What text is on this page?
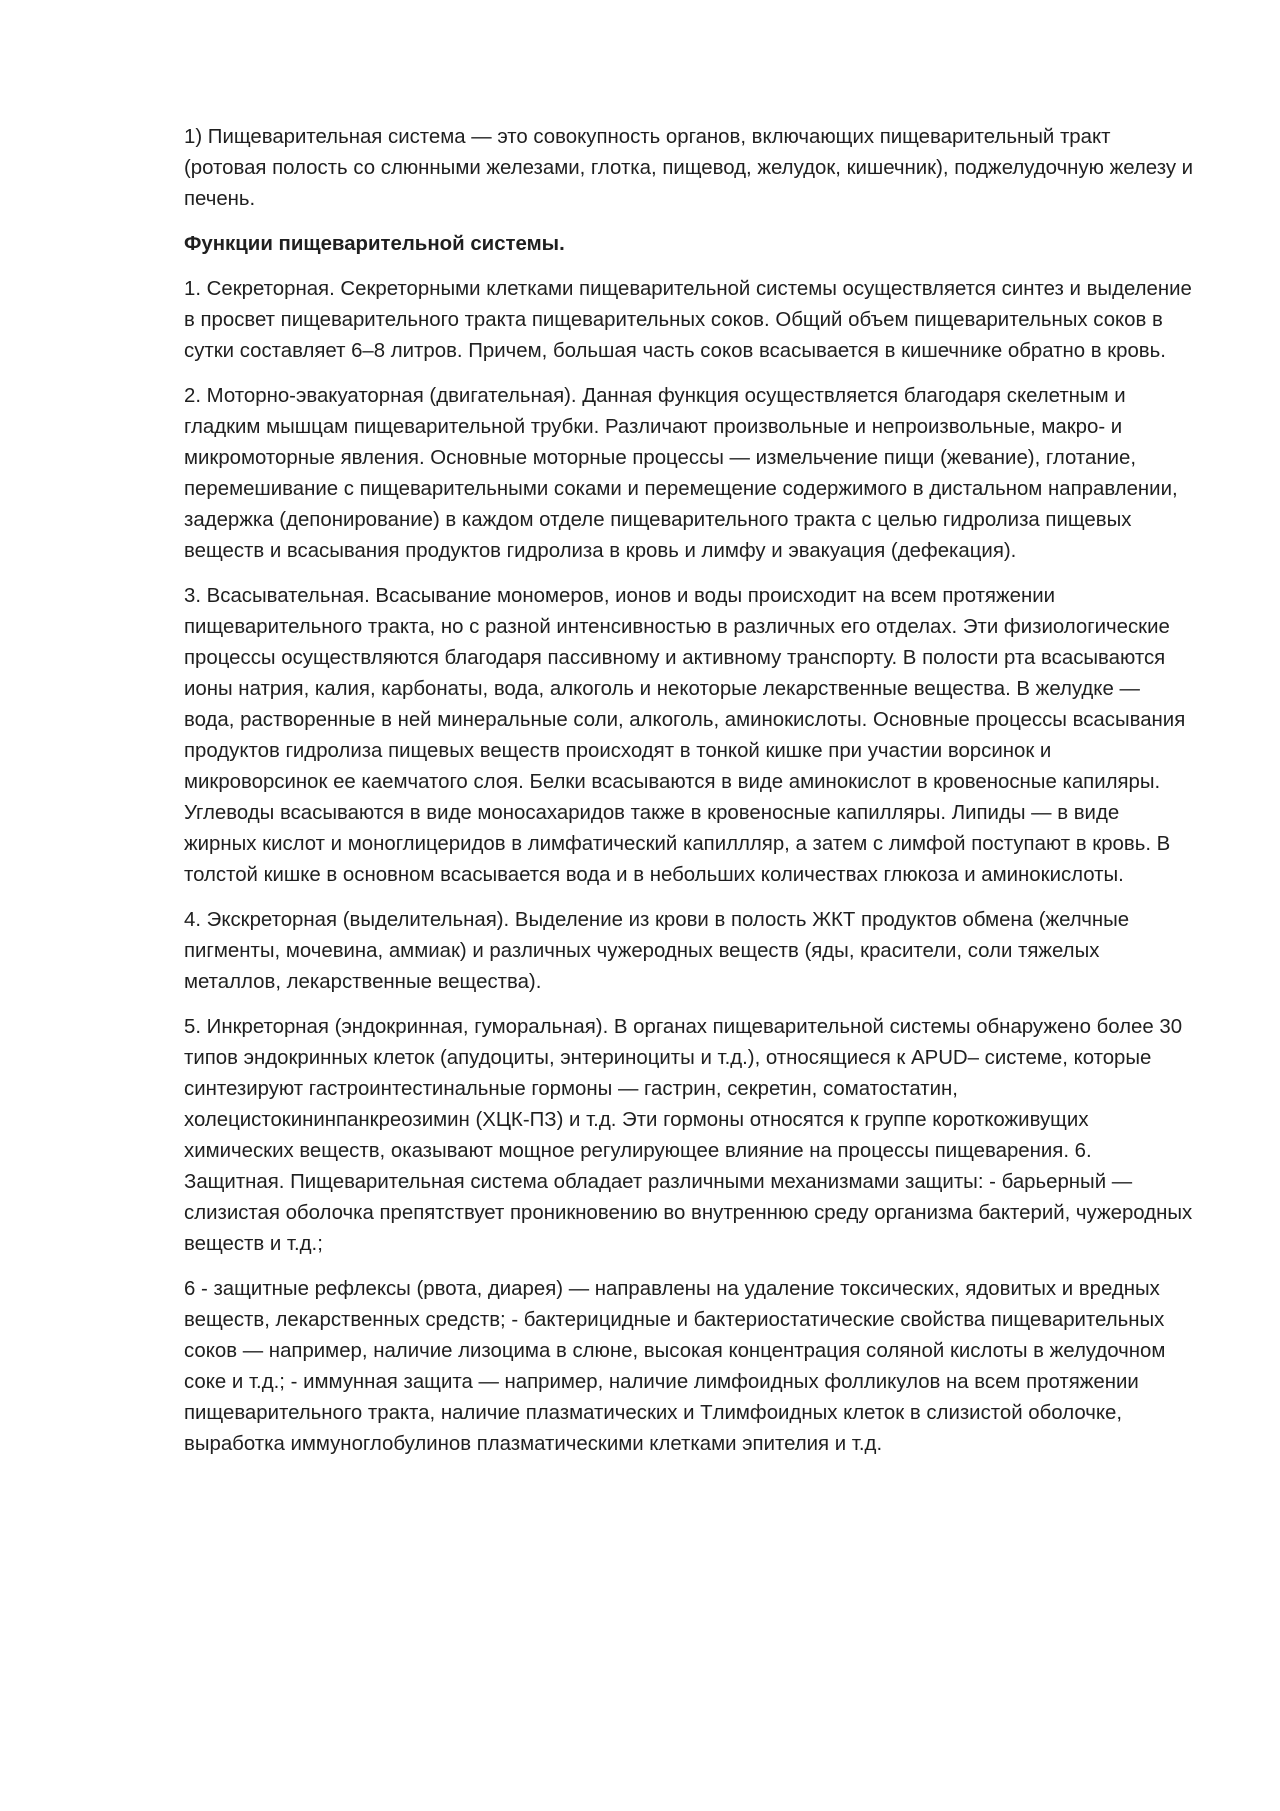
1) Пищеварительная система — это совокупность органов, включающих пищеварительный тракт (ротовая полость со слюнными железами, глотка, пищевод, желудок, кишечник), поджелудочную железу и печень.

Функции пищеварительной системы.

1. Секреторная. Секреторными клетками пищеварительной системы осуществляется синтез и выделение в просвет пищеварительного тракта пищеварительных соков. Общий объем пищеварительных соков в сутки составляет 6–8 литров. Причем, большая часть соков всасывается в кишечнике обратно в кровь.

2. Моторно-эвакуаторная (двигательная). Данная функция осуществляется благодаря скелетным и гладким мышцам пищеварительной трубки. Различают произвольные и непроизвольные, макро- и микромоторные явления. Основные моторные процессы — измельчение пищи (жевание), глотание, перемешивание с пищеварительными соками и перемещение содержимого в дистальном направлении, задержка (депонирование) в каждом отделе пищеварительного тракта с целью гидролиза пищевых веществ и всасывания продуктов гидролиза в кровь и лимфу и эвакуация (дефекация).

3. Всасывательная. Всасывание мономеров, ионов и воды происходит на всем протяжении пищеварительного тракта, но с разной интенсивностью в различных его отделах. Эти физиологические процессы осуществляются благодаря пассивному и активному транспорту. В полости рта всасываются ионы натрия, калия, карбонаты, вода, алкоголь и некоторые лекарственные вещества. В желудке — вода, растворенные в ней минеральные соли, алкоголь, аминокислоты. Основные процессы всасывания продуктов гидролиза пищевых веществ происходят в тонкой кишке при участии ворсинок и микроворсинок ее каемчатого слоя. Белки всасываются в виде аминокислот в кровеносные капиляры. Углеводы всасываются в виде моносахаридов также в кровеносные капилляры. Липиды — в виде жирных кислот и моноглицеридов в лимфатический капиллляр, а затем с лимфой поступают в кровь. В толстой кишке в основном всасывается вода и в небольших количествах глюкоза и аминокислоты.

4. Экскреторная (выделительная). Выделение из крови в полость ЖКТ продуктов обмена (желчные пигменты, мочевина, аммиак) и различных чужеродных веществ (яды, красители, соли тяжелых металлов, лекарственные вещества).

5. Инкреторная (эндокринная, гуморальная). В органах пищеварительной системы обнаружено более 30 типов эндокринных клеток (апудоциты, энтериноциты и т.д.), относящиеся к APUD– системе, которые синтезируют гастроинтестинальные гормоны — гастрин, секретин, соматостатин, холецистокининпанкреозимин (ХЦК-ПЗ) и т.д. Эти гормоны относятся к группе короткоживущих химических веществ, оказывают мощное регулирующее влияние на процессы пищеварения. 6. Защитная. Пищеварительная система обладает различными механизмами защиты: - барьерный — слизистая оболочка препятствует проникновению во внутреннюю среду организма бактерий, чужеродных веществ и т.д.;

6 - защитные рефлексы (рвота, диарея) — направлены на удаление токсических, ядовитых и вредных веществ, лекарственных средств; - бактерицидные и бактериостатические свойства пищеварительных соков — например, наличие лизоцима в слюне, высокая концентрация соляной кислоты в желудочном соке и т.д.; - иммунная защита — например, наличие лимфоидных фолликулов на всем протяжении пищеварительного тракта, наличие плазматических и Tлимфоидных клеток в слизистой оболочке, выработка иммуноглобулинов плазматическими клетками эпителия и т.д.
